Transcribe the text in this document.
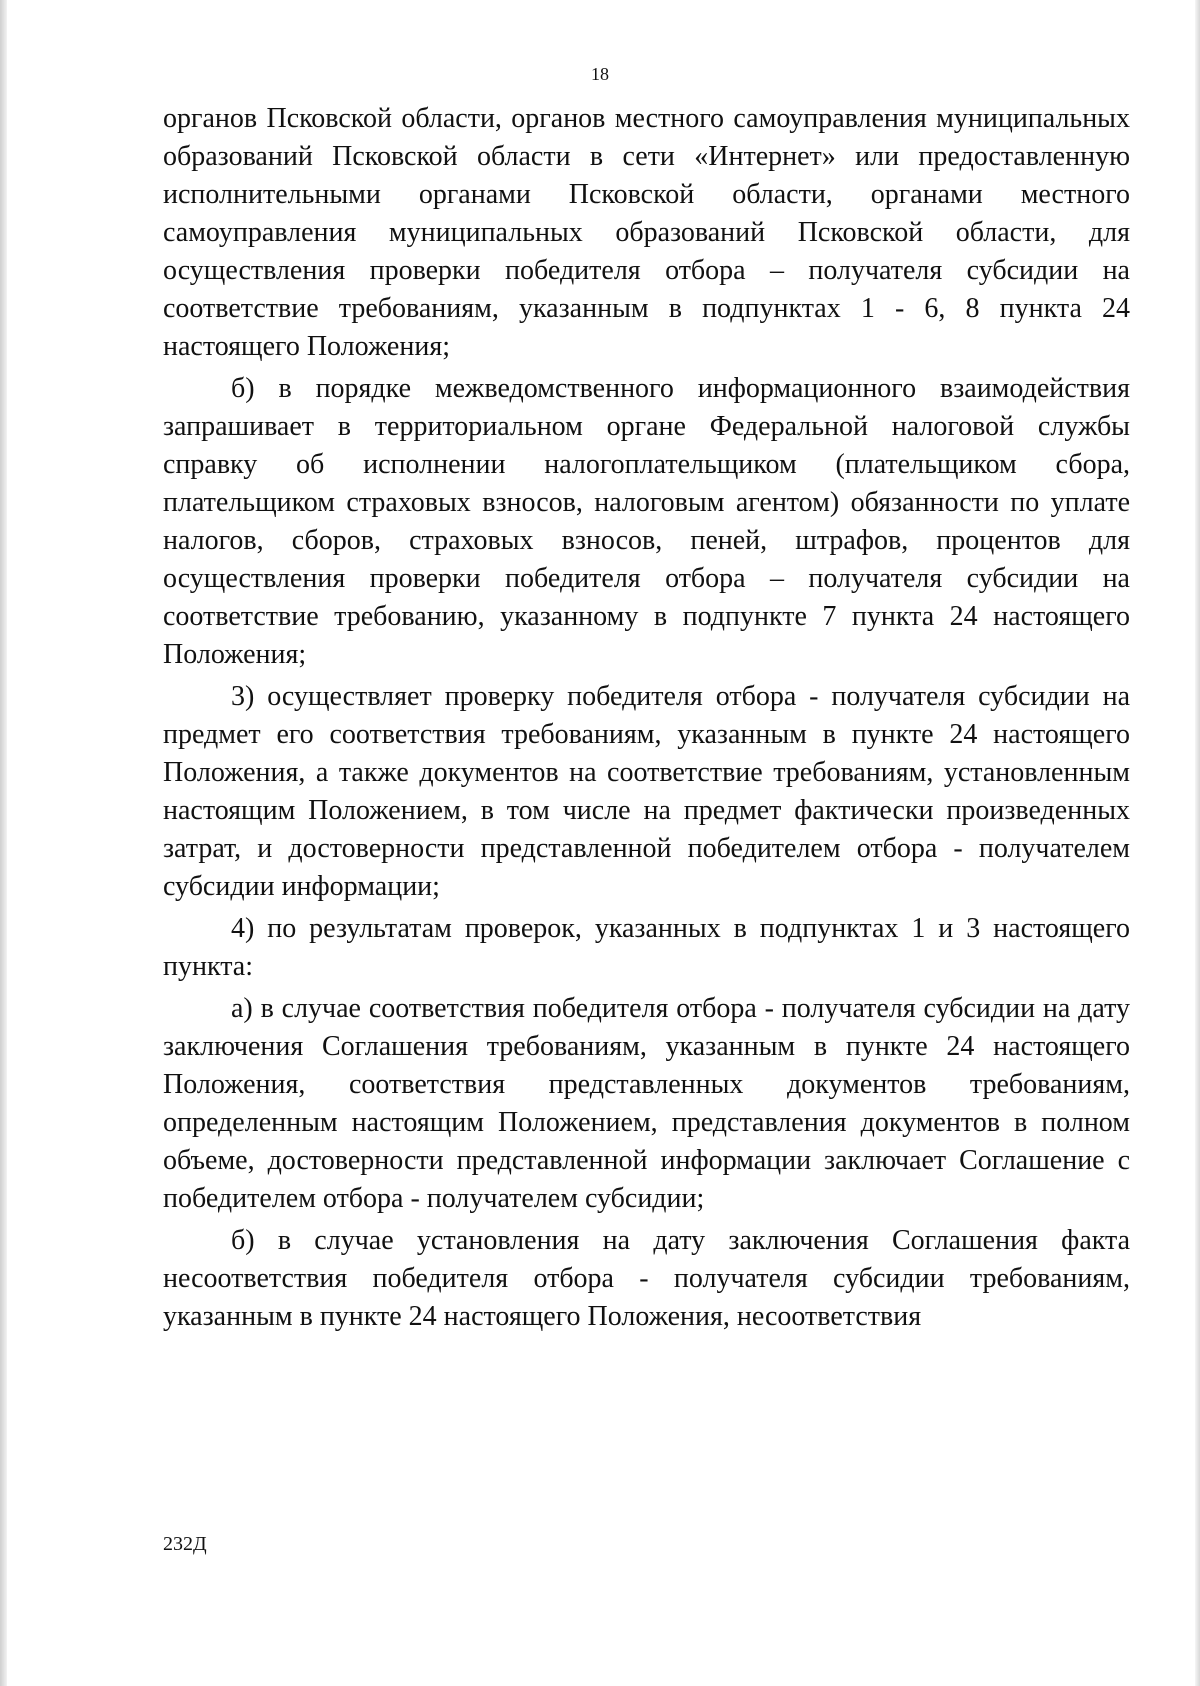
18

органов Псковской области, органов местного самоуправления муниципальных образований Псковской области в сети «Интернет» или предоставленную исполнительными органами Псковской области, органами местного самоуправления муниципальных образований Псковской области, для осуществления проверки победителя отбора – получателя субсидии на соответствие требованиям, указанным в подпунктах 1 - 6, 8 пункта 24 настоящего Положения;

б) в порядке межведомственного информационного взаимодействия запрашивает в территориальном органе Федеральной налоговой службы справку об исполнении налогоплательщиком (плательщиком сбора, плательщиком страховых взносов, налоговым агентом) обязанности по уплате налогов, сборов, страховых взносов, пеней, штрафов, процентов для осуществления проверки победителя отбора – получателя субсидии на соответствие требованию, указанному в подпункте 7 пункта 24 настоящего Положения;

3) осуществляет проверку победителя отбора - получателя субсидии на предмет его соответствия требованиям, указанным в пункте 24 настоящего Положения, а также документов на соответствие требованиям, установленным настоящим Положением, в том числе на предмет фактически произведенных затрат, и достоверности представленной победителем отбора - получателем субсидии информации;

4) по результатам проверок, указанных в подпунктах 1 и 3 настоящего пункта:

а) в случае соответствия победителя отбора - получателя субсидии на дату заключения Соглашения требованиям, указанным в пункте 24 настоящего Положения, соответствия представленных документов требованиям, определенным настоящим Положением, представления документов в полном объеме, достоверности представленной информации заключает Соглашение с победителем отбора - получателем субсидии;

б) в случае установления на дату заключения Соглашения факта несоответствия победителя отбора - получателя субсидии требованиям, указанным в пункте 24 настоящего Положения, несоответствия

232Д
